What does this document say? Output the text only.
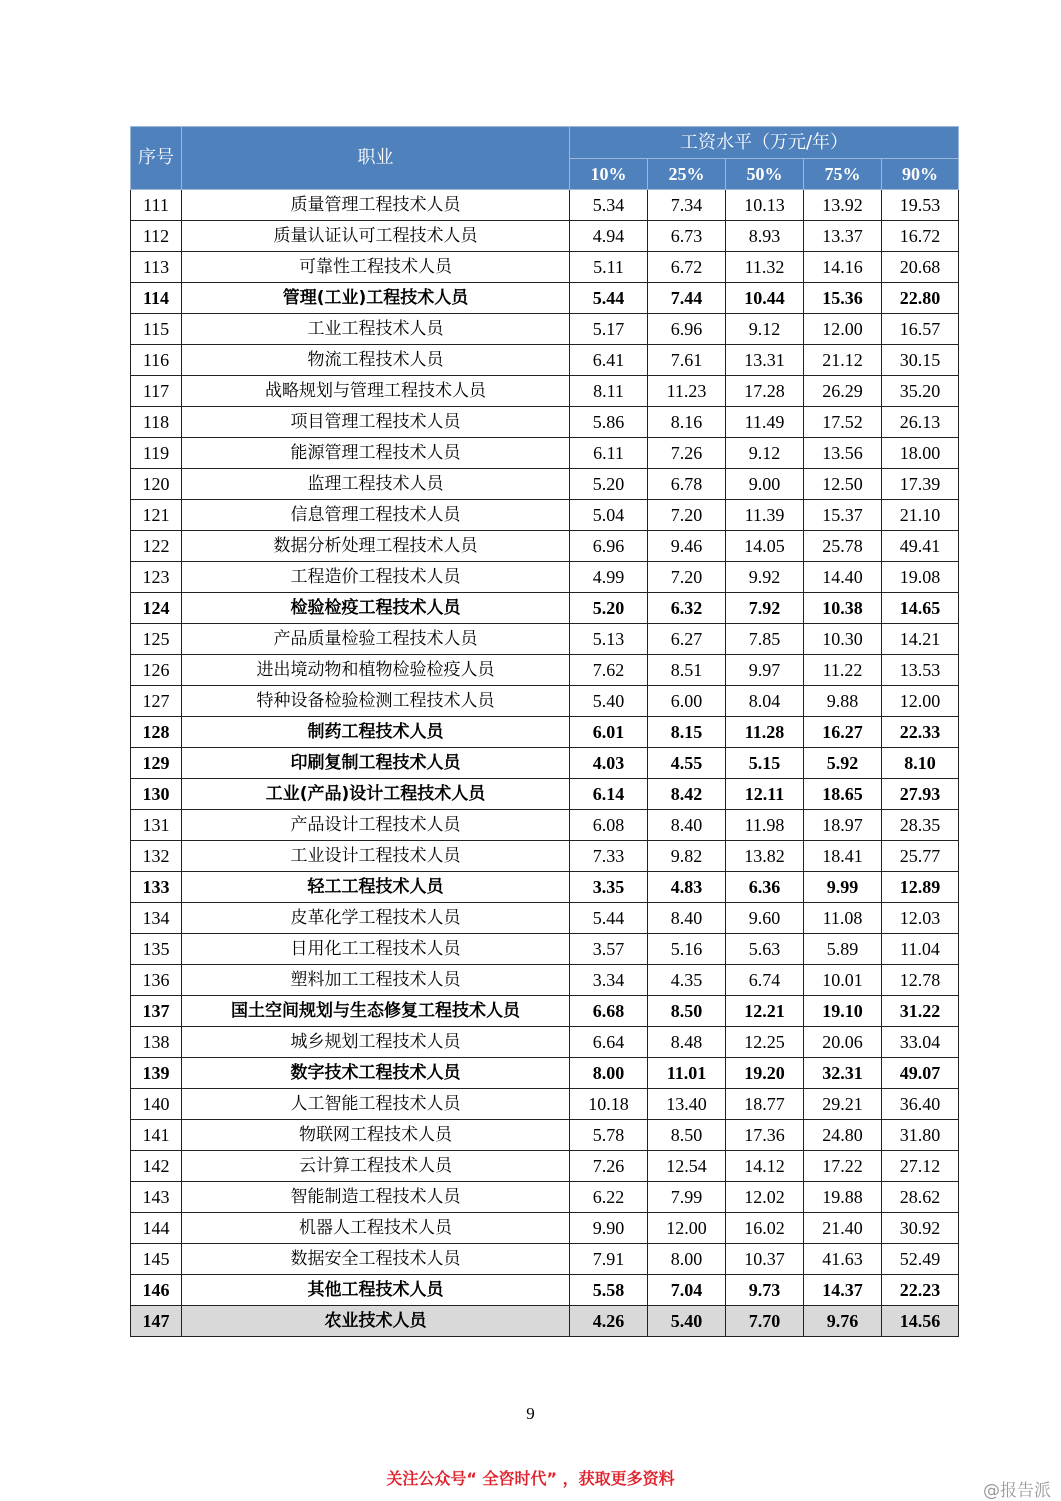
序号	职业	工资水平（万元/年）				
		10%	25%	50%	75%	90%
111	质量管理工程技术人员	5.34	7.34	10.13	13.92	19.53
112	质量认证认可工程技术人员	4.94	6.73	8.93	13.37	16.72
113	可靠性工程技术人员	5.11	6.72	11.32	14.16	20.68
114	管理(工业)工程技术人员	5.44	7.44	10.44	15.36	22.80
115	工业工程技术人员	5.17	6.96	9.12	12.00	16.57
116	物流工程技术人员	6.41	7.61	13.31	21.12	30.15
117	战略规划与管理工程技术人员	8.11	11.23	17.28	26.29	35.20
118	项目管理工程技术人员	5.86	8.16	11.49	17.52	26.13
119	能源管理工程技术人员	6.11	7.26	9.12	13.56	18.00
120	监理工程技术人员	5.20	6.78	9.00	12.50	17.39
121	信息管理工程技术人员	5.04	7.20	11.39	15.37	21.10
122	数据分析处理工程技术人员	6.96	9.46	14.05	25.78	49.41
123	工程造价工程技术人员	4.99	7.20	9.92	14.40	19.08
124	检验检疫工程技术人员	5.20	6.32	7.92	10.38	14.65
125	产品质量检验工程技术人员	5.13	6.27	7.85	10.30	14.21
126	进出境动物和植物检验检疫人员	7.62	8.51	9.97	11.22	13.53
127	特种设备检验检测工程技术人员	5.40	6.00	8.04	9.88	12.00
128	制药工程技术人员	6.01	8.15	11.28	16.27	22.33
129	印刷复制工程技术人员	4.03	4.55	5.15	5.92	8.10
130	工业(产品)设计工程技术人员	6.14	8.42	12.11	18.65	27.93
131	产品设计工程技术人员	6.08	8.40	11.98	18.97	28.35
132	工业设计工程技术人员	7.33	9.82	13.82	18.41	25.77
133	轻工工程技术人员	3.35	4.83	6.36	9.99	12.89
134	皮革化学工程技术人员	5.44	8.40	9.60	11.08	12.03
135	日用化工工程技术人员	3.57	5.16	5.63	5.89	11.04
136	塑料加工工程技术人员	3.34	4.35	6.74	10.01	12.78
137	国土空间规划与生态修复工程技术人员	6.68	8.50	12.21	19.10	31.22
138	城乡规划工程技术人员	6.64	8.48	12.25	20.06	33.04
139	数字技术工程技术人员	8.00	11.01	19.20	32.31	49.07
140	人工智能工程技术人员	10.18	13.40	18.77	29.21	36.40
141	物联网工程技术人员	5.78	8.50	17.36	24.80	31.80
142	云计算工程技术人员	7.26	12.54	14.12	17.22	27.12
143	智能制造工程技术人员	6.22	7.99	12.02	19.88	28.62
144	机器人工程技术人员	9.90	12.00	16.02	21.40	30.92
145	数据安全工程技术人员	7.91	8.00	10.37	41.63	52.49
146	其他工程技术人员	5.58	7.04	9.73	14.37	22.23
147	农业技术人员	4.26	5.40	7.70	9.76	14.56
9
关注公众号“ 全咨时代” ，获取更多资料
@报告派
